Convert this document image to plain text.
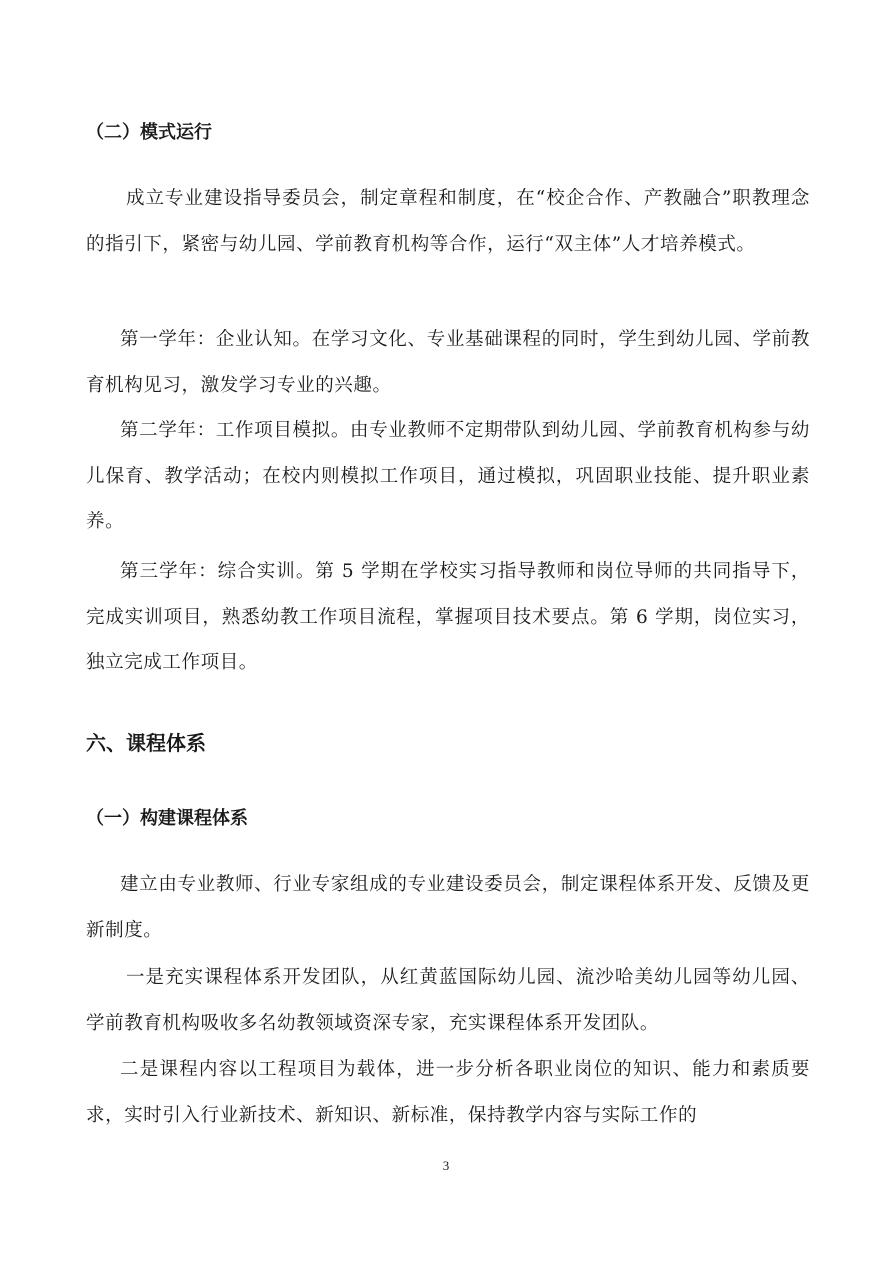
（二）模式运行

成立专业建设指导委员会，制定章程和制度，在“校企合作、产教融合”职教理念的指引下，紧密与幼儿园、学前教育机构等合作，运行“双主体”人才培养模式。

第一学年：企业认知。在学习文化、专业基础课程的同时，学生到幼儿园、学前教育机构见习，激发学习专业的兴趣。

第二学年：工作项目模拟。由专业教师不定期带队到幼儿园、学前教育机构参与幼儿保育、教学活动；在校内则模拟工作项目，通过模拟，巩固职业技能、提升职业素养。

第三学年：综合实训。第 5 学期在学校实习指导教师和岗位导师的共同指导下，完成实训项目，熟悉幼教工作项目流程，掌握项目技术要点。第 6 学期，岗位实习，独立完成工作项目。

六、课程体系
（一）构建课程体系

建立由专业教师、行业专家组成的专业建设委员会，制定课程体系开发、反馈及更新制度。

一是充实课程体系开发团队，从红黄蓝国际幼儿园、流沙哈美幼儿园等幼儿园、学前教育机构吸收多名幼教领域资深专家，充实课程体系开发团队。

二是课程内容以工程项目为载体，进一步分析各职业岗位的知识、能力和素质要求，实时引入行业新技术、新知识、新标准，保持教学内容与实际工作的

3
